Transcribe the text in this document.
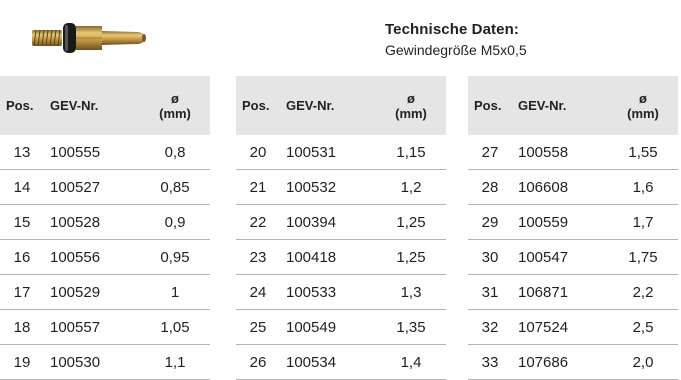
Technische Daten:
Gewindegröße M5x0,5
Pos.	GEV-Nr.	ø
(mm)

13	100555	0,8
14	100527	0,85
15	100528	0,9
16	100556	0,95
17	100529	1
18	100557	1,05
19	100530	1,1
Pos.	GEV-Nr.	ø
(mm)

20	100531	1,15
21	100532	1,2
22	100394	1,25
23	100418	1,25
24	100533	1,3
25	100549	1,35
26	100534	1,4
Pos.	GEV-Nr.	ø
(mm)

27	100558	1,55
28	106608	1,6
29	100559	1,7
30	100547	1,75
31	106871	2,2
32	107524	2,5
33	107686	2,0
